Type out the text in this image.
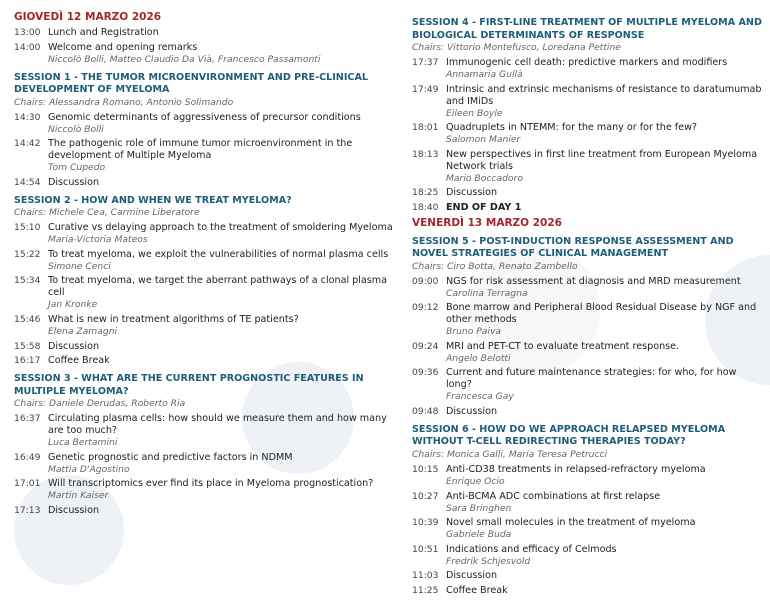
GIOVEDÌ 12 MARZO 2026
13:00 Lunch and Registration
14:00 Welcome and opening remarks
Niccolò Bolli, Matteo Claudio Da Vià, Francesco Passamonti
SESSION 1 - THE TUMOR MICROENVIRONMENT AND PRE-CLINICAL DEVELOPMENT OF MYELOMA
Chairs: Alessandra Romano, Antonio Solimando
14:30 Genomic determinants of aggressiveness of precursor conditions
Niccolò Bolli
14:42 The pathogenic role of immune tumor microenvironment in the development of Multiple Myeloma
Tom Cupedo
14:54 Discussion
SESSION 2 - HOW AND WHEN WE TREAT MYELOMA?
Chairs: Michele Cea, Carmine Liberatore
15:10 Curative vs delaying approach to the treatment of smoldering Myeloma
Maria-Victoria Mateos
15:22 To treat myeloma, we exploit the vulnerabilities of normal plasma cells
Simone Cenci
15:34 To treat myeloma, we target the aberrant pathways of a clonal plasma cell
Jan Kronke
15:46 What is new in treatment algorithms of TE patients?
Elena Zamagni
15:58 Discussion
16:17 Coffee Break
SESSION 3 - WHAT ARE THE CURRENT PROGNOSTIC FEATURES IN MULTIPLE MYELOMA?
Chairs: Daniele Derudas, Roberto Ria
16:37 Circulating plasma cells: how should we measure them and how many are too much?
Luca Bertamini
16:49 Genetic prognostic and predictive factors in NDMM
Mattia D'Agostino
17:01 Will transcriptomics ever find its place in Myeloma prognostication?
Martin Kaiser
17:13 Discussion
SESSION 4 - FIRST-LINE TREATMENT OF MULTIPLE MYELOMA AND BIOLOGICAL DETERMINANTS OF RESPONSE
Chairs: Vittorio Montefusco, Loredana Pettine
17:37 Immunogenic cell death: predictive markers and modifiers
Annamaria Gullà
17:49 Intrinsic and extrinsic mechanisms of resistance to daratumumab and IMiDs
Eileen Boyle
18:01 Quadruplets in NTEMM: for the many or for the few?
Salomon Manier
18:13 New perspectives in first line treatment from European Myeloma Network trials
Mario Boccadoro
18:25 Discussion
18:40 END OF DAY 1
VENERDÌ 13 MARZO 2026
SESSION 5 - POST-INDUCTION RESPONSE ASSESSMENT AND NOVEL STRATEGIES OF CLINICAL MANAGEMENT
Chairs: Ciro Botta, Renato Zambello
09:00 NGS for risk assessment at diagnosis and MRD measurement
Carolina Terragna
09:12 Bone marrow and Peripheral Blood Residual Disease by NGF and other methods
Bruno Paiva
09:24 MRI and PET-CT to evaluate treatment response.
Angelo Belotti
09:36 Current and future maintenance strategies: for who, for how long?
Francesca Gay
09:48 Discussion
SESSION 6 - HOW DO WE APPROACH RELAPSED MYELOMA WITHOUT T-CELL REDIRECTING THERAPIES TODAY?
Chairs: Monica Galli, Maria Teresa Petrucci
10:15 Anti-CD38 treatments in relapsed-refractory myeloma
Enrique Ocio
10:27 Anti-BCMA ADC combinations at first relapse
Sara Bringhen
10:39 Novel small molecules in the treatment of myeloma
Gabriele Buda
10:51 Indications and efficacy of Celmods
Fredrik Schjesvold
11:03 Discussion
11:25 Coffee Break
